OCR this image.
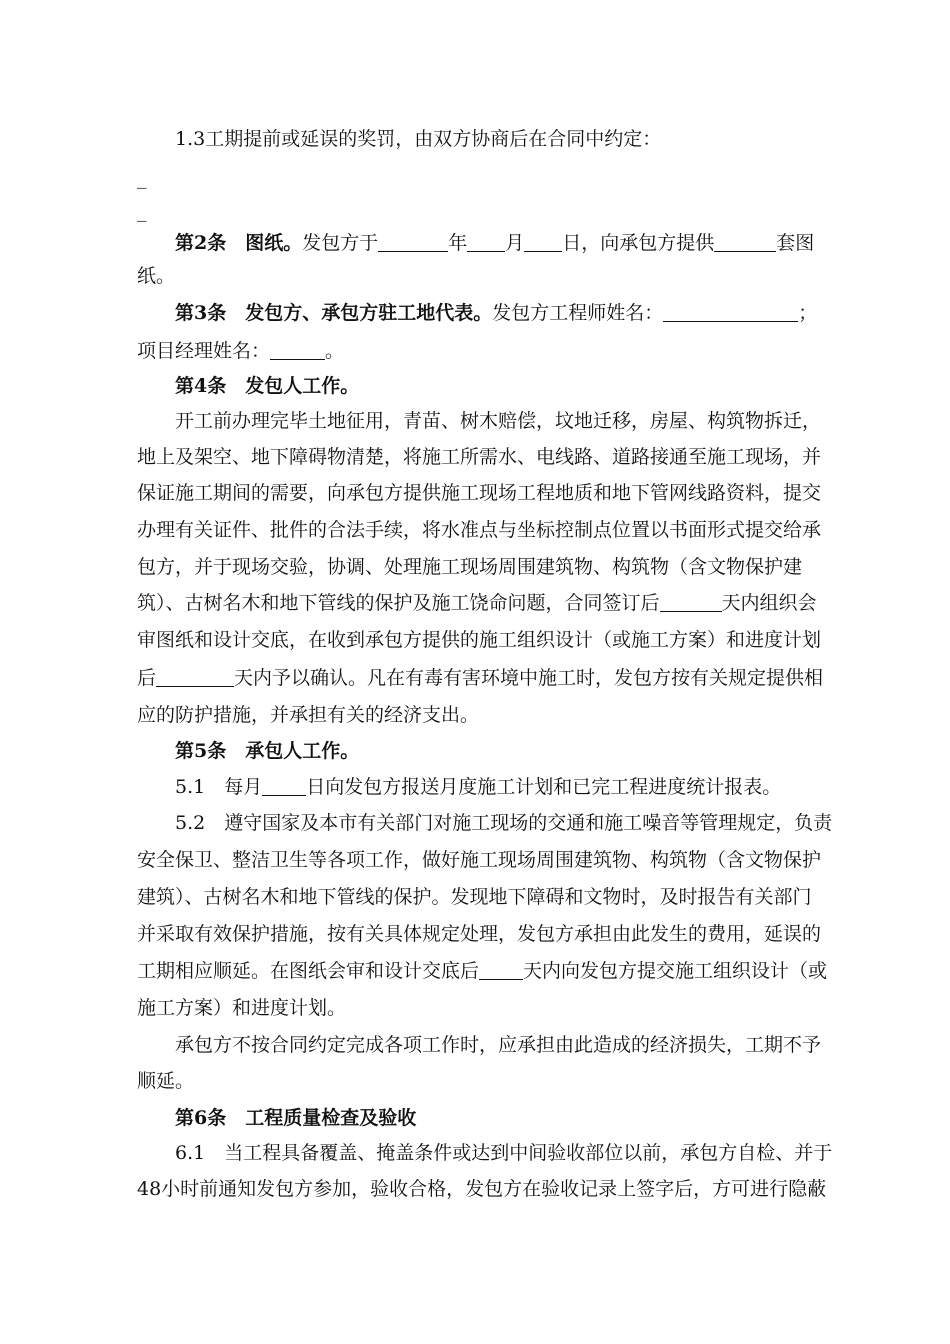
1.3工期提前或延误的奖罚，由双方协商后在合同中约定：
_
_
第2条　图纸。发包方于	年 月 日，向承包方提供	套图
纸。
第3条　发包方、承包方驻工地代表。发包方工程师姓名：	；
项目经理姓名：	。
第4条　发包人工作。
开工前办理完毕土地征用，青苗、树木赔偿，坟地迁移，房屋、构筑物拆迁，
地上及架空、地下障碍物清楚，将施工所需水、电线路、道路接通至施工现场，并
保证施工期间的需要，向承包方提供施工现场工程地质和地下管网线路资料，提交
办理有关证件、批件的合法手续，将水准点与坐标控制点位置以书面形式提交给承
包方，并于现场交验，协调、处理施工现场周围建筑物、构筑物（含文物保护建
筑）、古树名木和地下管线的保护及施工饶命问题，合同签订后	天内组织会
审图纸和设计交底，在收到承包方提供的施工组织设计（或施工方案）和进度计划
后	天内予以确认。凡在有毒有害环境中施工时，发包方按有关规定提供相
应的防护措施，并承担有关的经济支出。
第5条　承包人工作。
5.1　每月 日向发包方报送月度施工计划和已完工程进度统计报表。
5.2　遵守国家及本市有关部门对施工现场的交通和施工噪音等管理规定，负责
安全保卫、整洁卫生等各项工作，做好施工现场周围建筑物、构筑物（含文物保护
建筑）、古树名木和地下管线的保护。发现地下障碍和文物时，及时报告有关部门
并采取有效保护措施，按有关具体规定处理，发包方承担由此发生的费用，延误的
工期相应顺延。在图纸会审和设计交底后 天内向发包方提交施工组织设计（或
施工方案）和进度计划。
承包方不按合同约定完成各项工作时，应承担由此造成的经济损失，工期不予
顺延。
第6条　工程质量检查及验收
6.1　当工程具备覆盖、掩盖条件或达到中间验收部位以前，承包方自检、并于
48小时前通知发包方参加，验收合格，发包方在验收记录上签字后，方可进行隐蔽
